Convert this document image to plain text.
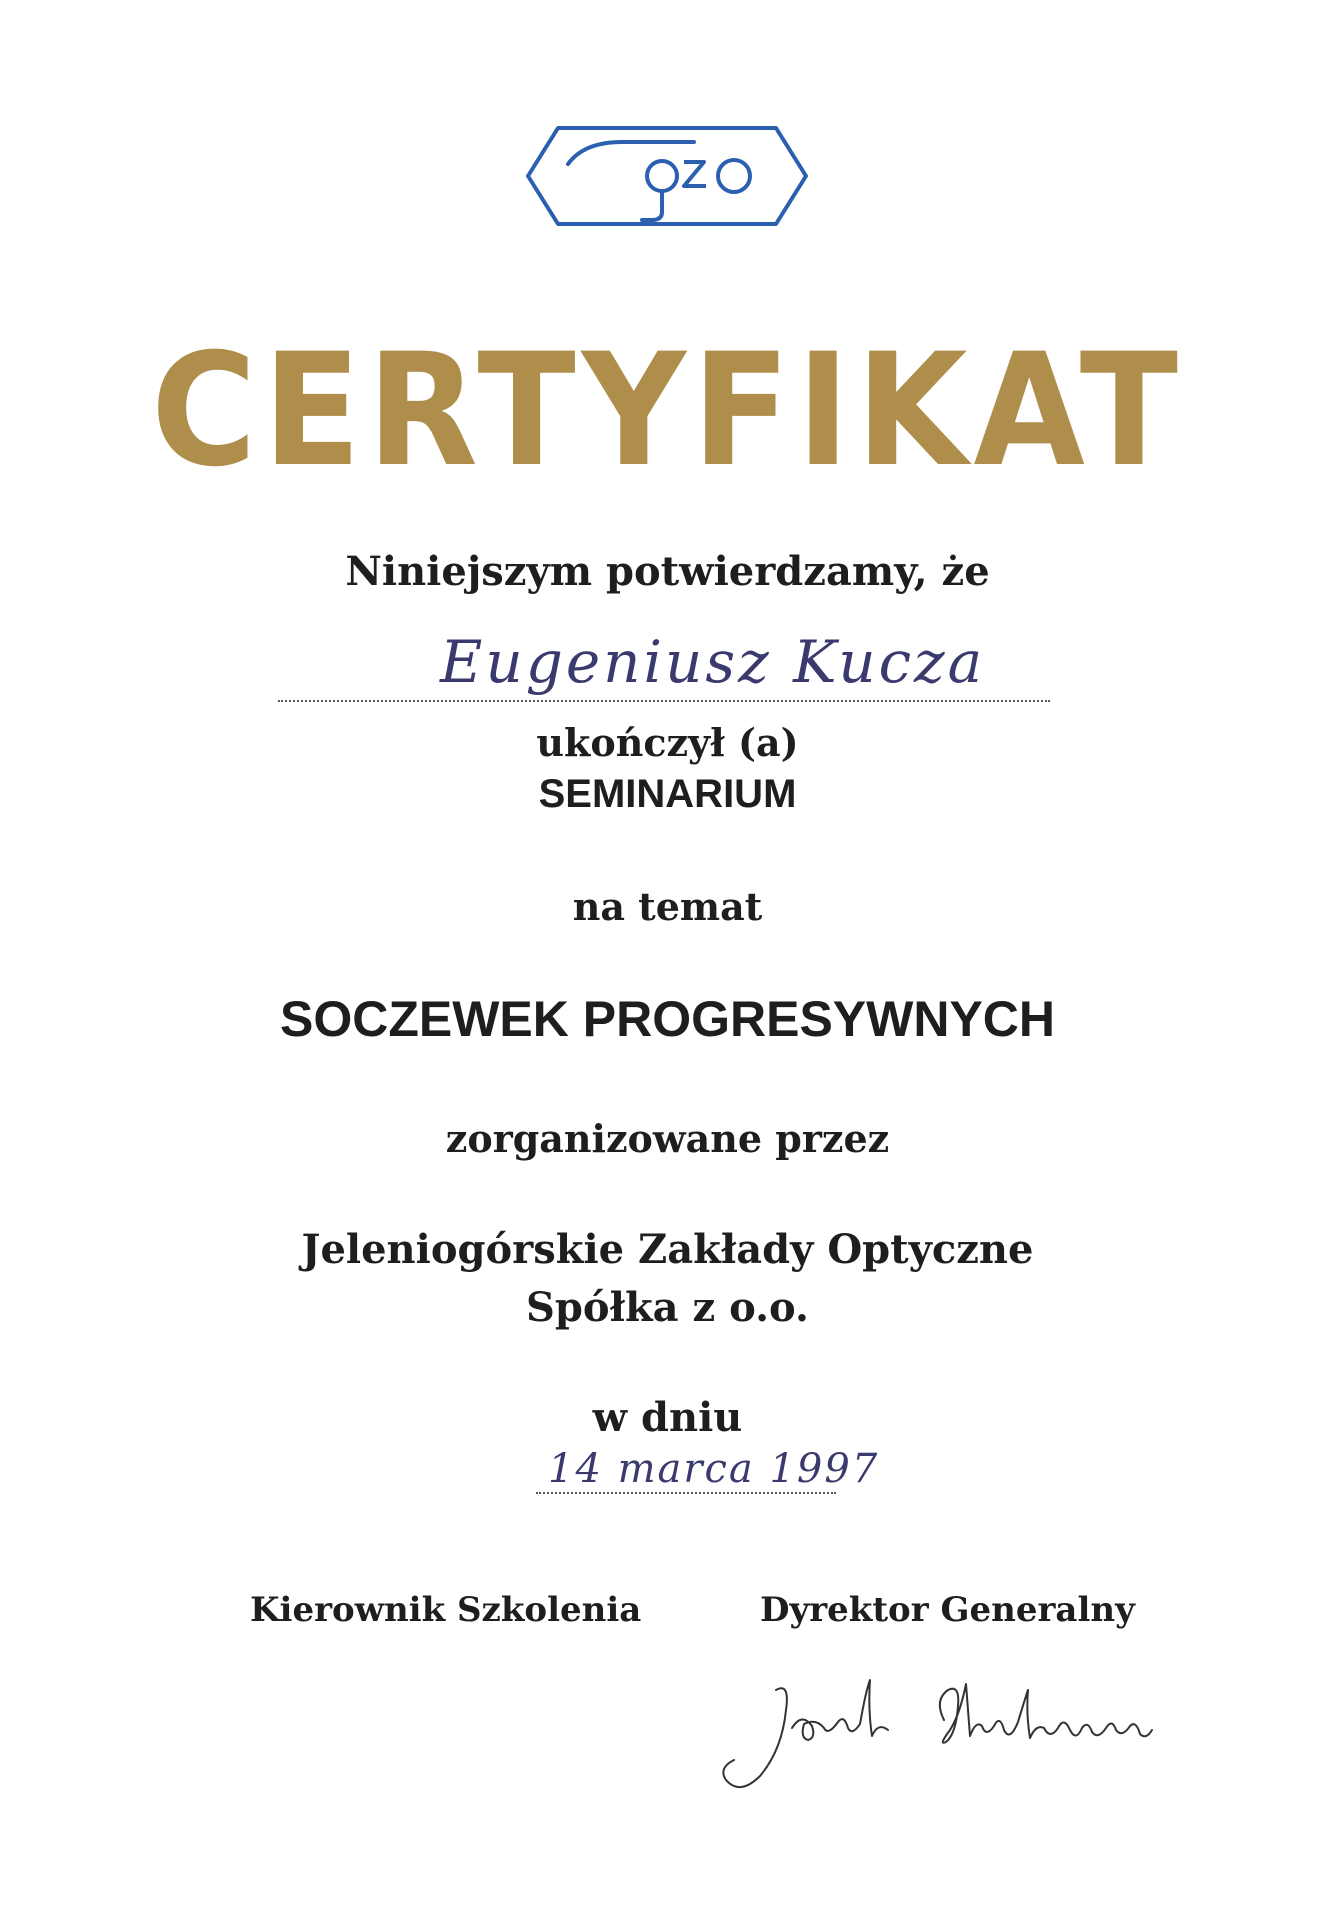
CERTYFIKAT
Niniejszym potwierdzamy, że
Eugeniusz Kucza
ukończył (a)
SEMINARIUM
na temat
SOCZEWEK PROGRESYWNYCH
zorganizowane przez
Jeleniogórskie Zakłady Optyczne
Spółka z o.o.
w dniu
14 marca 1997
Kierownik Szkolenia	Dyrektor Generalny
